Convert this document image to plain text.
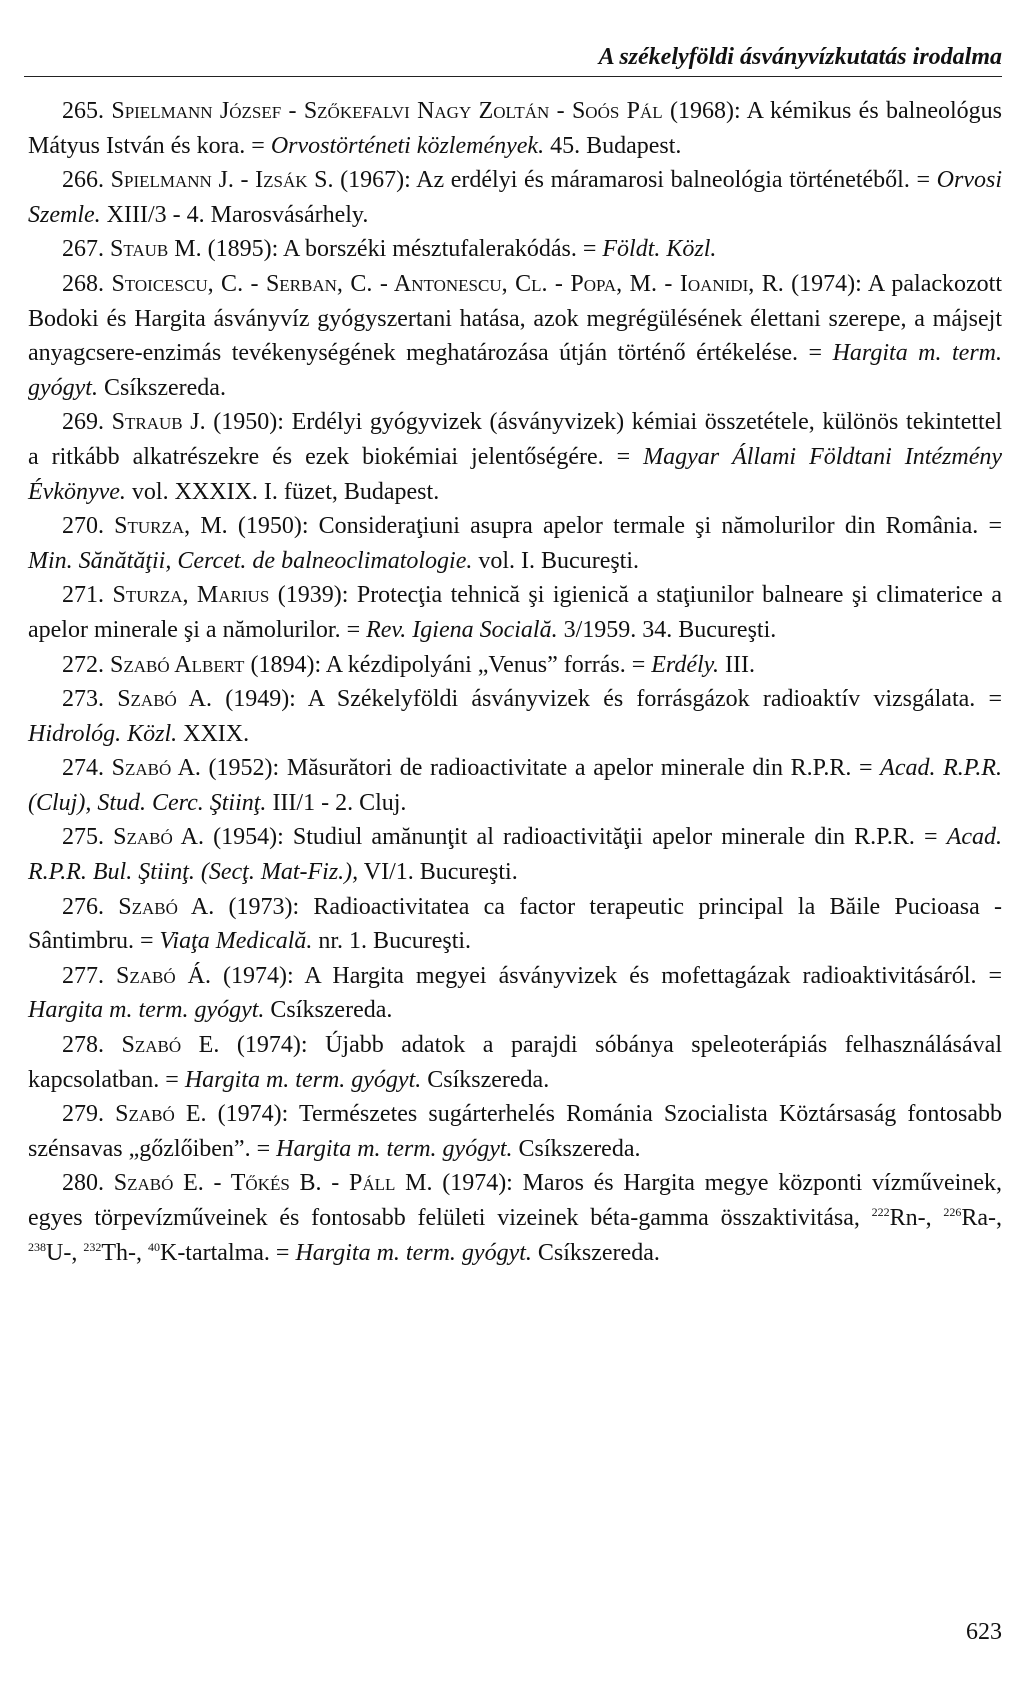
A székelyföldi ásványvízkutatás irodalma

265. Spielmann József - Szőkefalvi Nagy Zoltán - Soós Pál (1968): A kémikus és balneológus Mátyus István és kora. = Orvostörténeti közlemények. 45. Budapest.

266. Spielmann J. - Izsák S. (1967): Az erdélyi és máramarosi balneológia történetéből. = Orvosi Szemle. XIII/3 - 4. Marosvásárhely.

267. Staub M. (1895): A borszéki mésztufalerakódás. = Földt. Közl.

268. Stoicescu, C. - Serban, C. - Antonescu, Cl. - Popa, M. - Ioanidi, R. (1974): A palackozott Bodoki és Hargita ásványvíz gyógyszertani hatása, azok megrégülésének élettani szerepe, a májsejt anyagcsere-enzimás tevékenységének meghatározása útján történő értékelése. = Hargita m. term. gyógyt. Csíkszereda.

269. Straub J. (1950): Erdélyi gyógyvizek (ásványvizek) kémiai összetétele, különös tekintettel a ritkább alkatrészekre és ezek biokémiai jelentőségére. = Magyar Állami Földtani Intézmény Évkönyve. vol. XXXIX. I. füzet, Budapest.

270. Sturza, M. (1950): Consideraţiuni asupra apelor termale şi nămolurilor din România. = Min. Sănătăţii, Cercet. de balneoclimatologie. vol. I. Bucureşti.

271. Sturza, Marius (1939): Protecţia tehnică şi igienică a staţiunilor balneare şi climaterice a apelor minerale şi a nămolurilor. = Rev. Igiena Socială. 3/1959. 34. Bucureşti.

272. Szabó Albert (1894): A kézdipolyáni „Venus” forrás. = Erdély. III.

273. Szabó A. (1949): A Székelyföldi ásványvizek és forrásgázok radioaktív vizsgálata. = Hidrológ. Közl. XXIX.

274. Szabó A. (1952): Măsurători de radioactivitate a apelor minerale din R.P.R. = Acad. R.P.R. (Cluj), Stud. Cerc. Ştiinţ. III/1 - 2. Cluj.

275. Szabó A. (1954): Studiul amănunţit al radioactivităţii apelor minerale din R.P.R. = Acad. R.P.R. Bul. Ştiinţ. (Secţ. Mat-Fiz.), VI/1. Bucureşti.

276. Szabó A. (1973): Radioactivitatea ca factor terapeutic principal la Băile Pucioasa - Sântimbru. = Viaţa Medicală. nr. 1. Bucureşti.

277. Szabó Á. (1974): A Hargita megyei ásványvizek és mofettagázak radioaktivitásáról. = Hargita m. term. gyógyt. Csíkszereda.

278. Szabó E. (1974): Újabb adatok a parajdi sóbánya speleoterápiás felhasználásával kapcsolatban. = Hargita m. term. gyógyt. Csíkszereda.

279. Szabó E. (1974): Természetes sugárterhelés Románia Szocialista Köztársaság fontosabb szénsavas „gőzlőiben”. = Hargita m. term. gyógyt. Csíkszereda.

280. Szabó E. - Tőkés B. - Páll M. (1974): Maros és Hargita megye központi vízműveinek, egyes törpevízműveinek és fontosabb felületi vizeinek béta-gamma összaktivitása, $^{222}$Rn-, $^{226}$Ra-, $^{238}$U-, $^{232}$Th-, $^{40}$K-tartalma. = Hargita m. term. gyógyt. Csíkszereda.

623
